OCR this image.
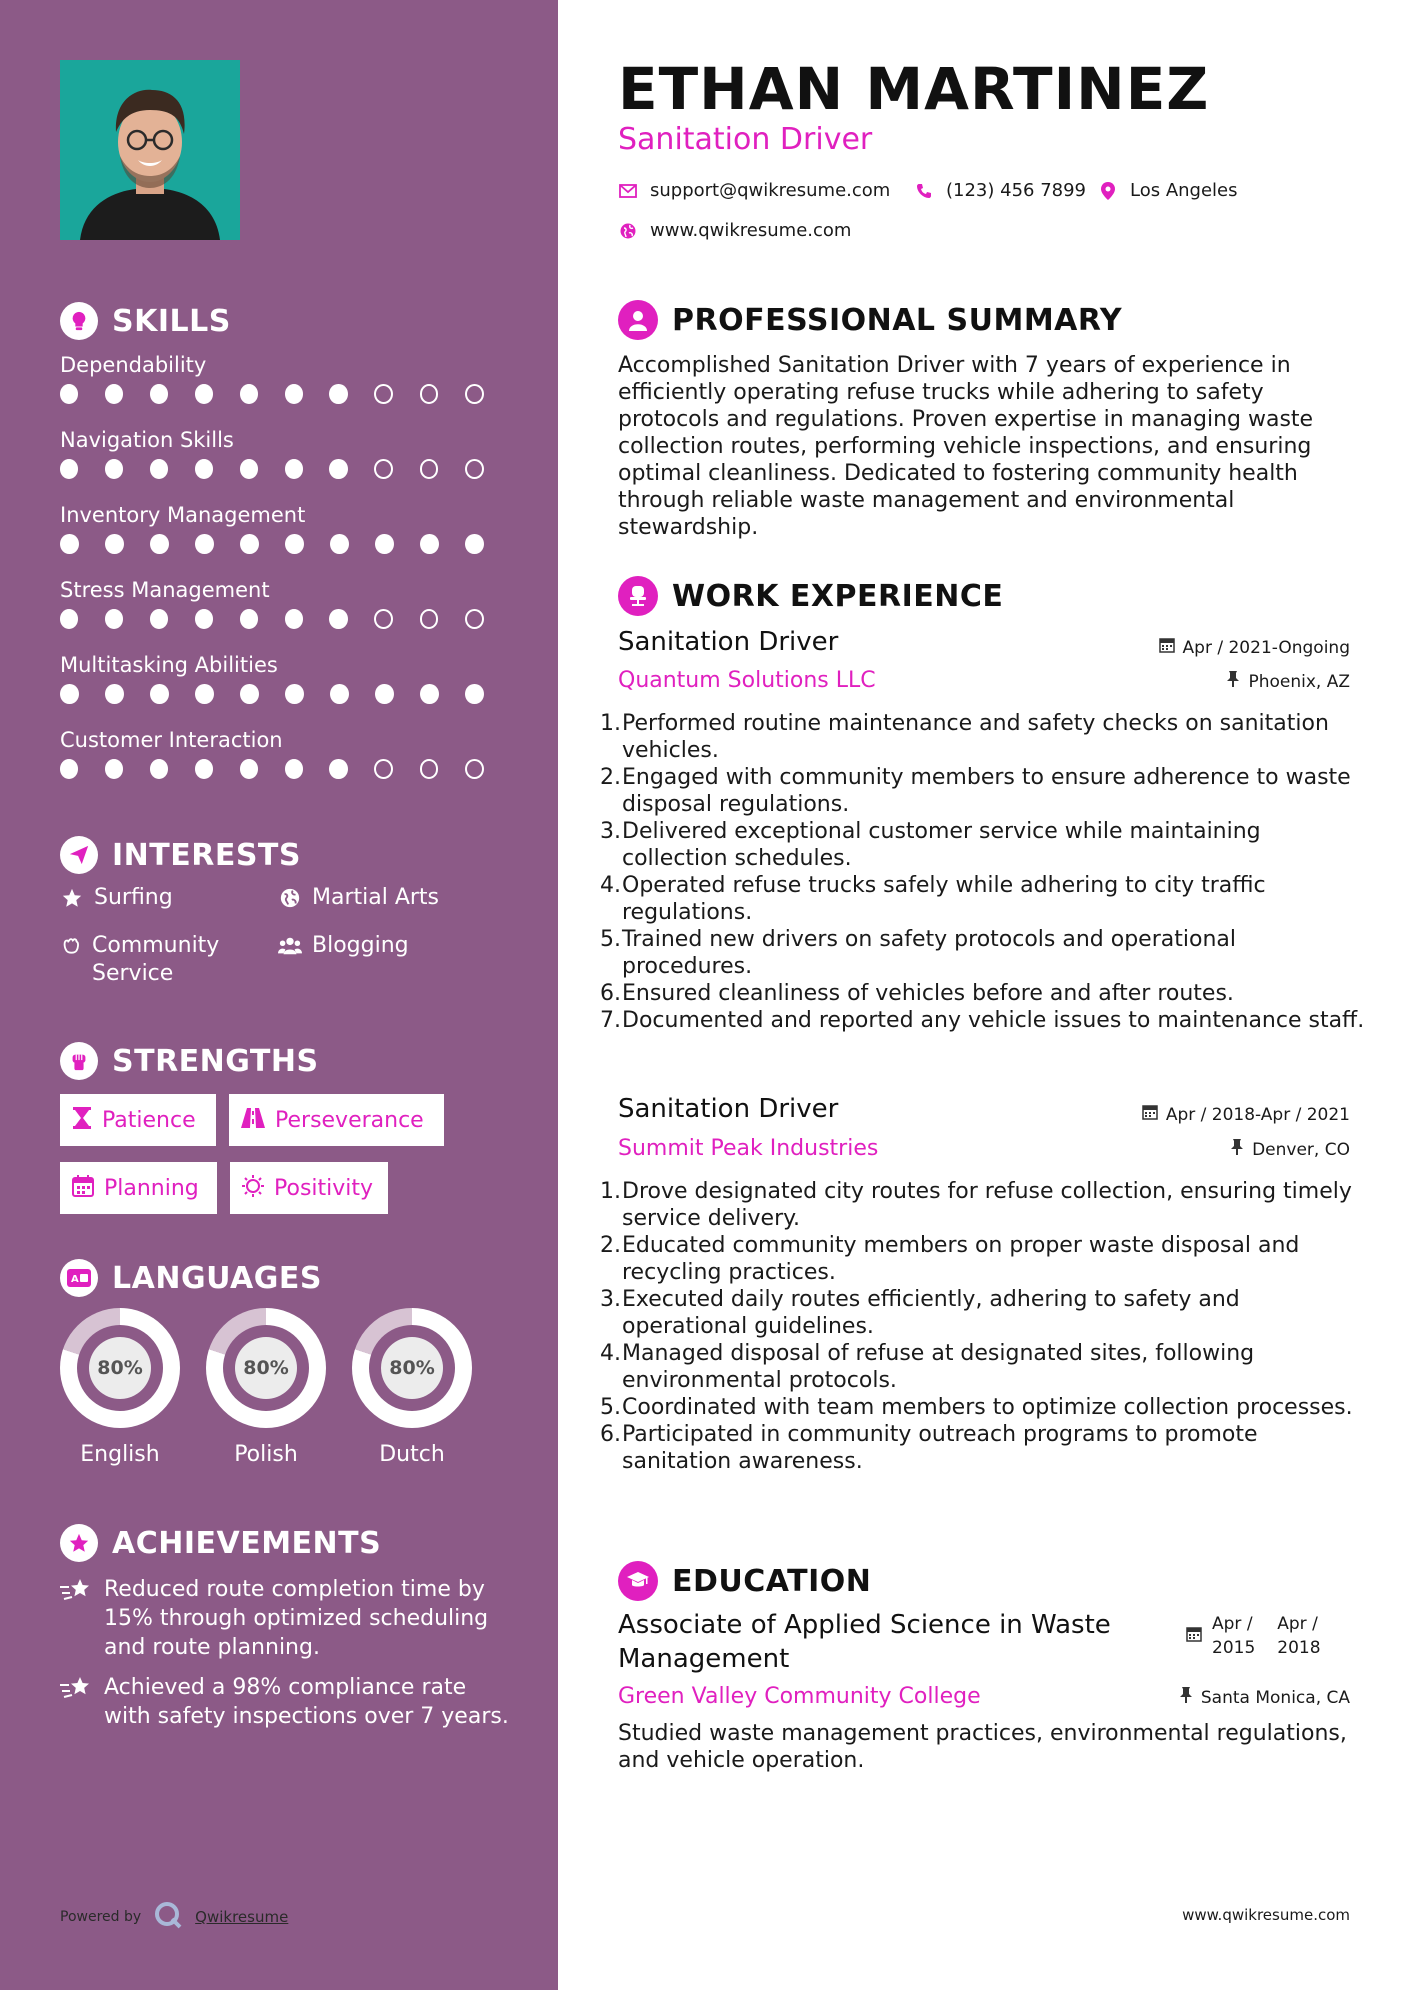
SKILLS
Dependability
Navigation Skills
Inventory Management
Stress Management
Multitasking Abilities
Customer Interaction
INTERESTS
Surfing	Martial Arts
Community Service
Blogging
STRENGTHS
Patience	Perseverance
Planning	Positivity
A LANGUAGES
80%
English
80%
Polish
80%
Dutch
ACHIEVEMENTS
Reduced route completion time by 15% through optimized scheduling and route planning.
Achieved a 98% compliance rate with safety inspections over 7 years.
Powered by	Qwikresume
ETHAN MARTINEZ
Sanitation Driver
support@qwikresume.com	(123) 456 7899 Los Angeles
www.qwikresume.com
PROFESSIONAL SUMMARY
Accomplished Sanitation Driver with 7 years of experience in efficiently operating refuse trucks while adhering to safety protocols and regulations. Proven expertise in managing waste collection routes, performing vehicle inspections, and ensuring optimal cleanliness. Dedicated to fostering community health through reliable waste management and environmental stewardship.
WORK EXPERIENCE
Sanitation Driver	Apr / 2021-Ongoing
Quantum Solutions LLC	Phoenix, AZ
1. Performed routine maintenance and safety checks on sanitation vehicles.
2. Engaged with community members to ensure adherence to waste disposal regulations.
3. Delivered exceptional customer service while maintaining collection schedules.
4. Operated refuse trucks safely while adhering to city traffic regulations.
5. Trained new drivers on safety protocols and operational procedures.
6. Ensured cleanliness of vehicles before and after routes.
7. Documented and reported any vehicle issues to maintenance staff.
Sanitation Driver	Apr / 2018-Apr / 2021
Summit Peak Industries	Denver, CO
1. Drove designated city routes for refuse collection, ensuring timely service delivery.
2. Educated community members on proper waste disposal and recycling practices.
3. Executed daily routes efficiently, adhering to safety and operational guidelines.
4. Managed disposal of refuse at designated sites, following environmental protocols.
5. Coordinated with team members to optimize collection processes.
6. Participated in community outreach programs to promote sanitation awareness.
EDUCATION
Associate of Applied Science in Waste Management
Apr /
2015
Apr /
2018
Green Valley Community College	Santa Monica, CA
Studied waste management practices, environmental regulations, and vehicle operation.
www.qwikresume.com
